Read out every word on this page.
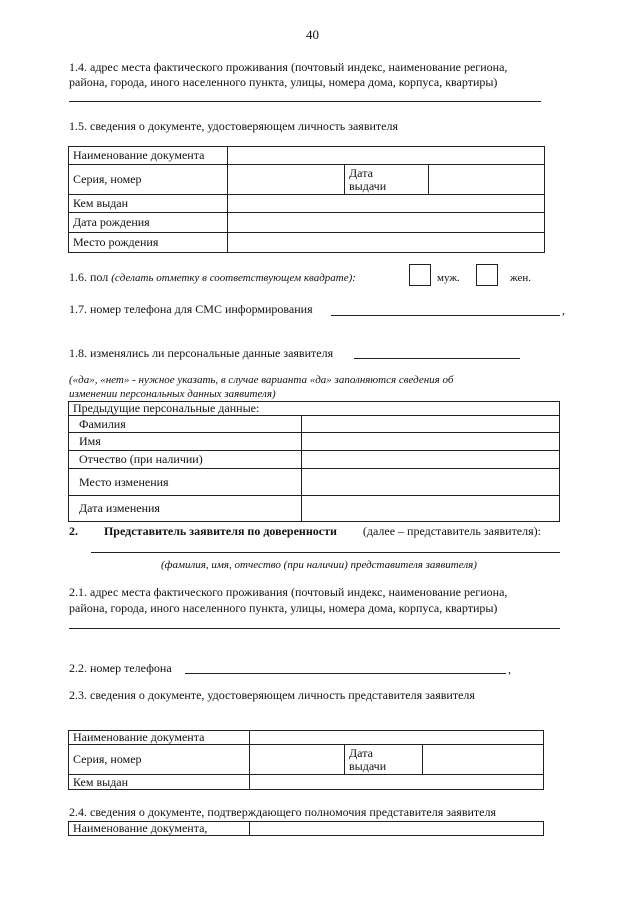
40
1.4. адрес места фактического проживания (почтовый индекс, наименование региона,
района, города, иного населенного пункта, улицы, номера дома, корпуса, квартиры)
1.5. сведения о документе, удостоверяющем личность заявителя
Наименование документа			
Серия, номер		Дата
выдачи	
Кем выдан			
Дата рождения			
Место рождения			
1.6. пол (сделать отметку в соответствующем квадрате):	муж.	жен.
1.7. номер телефона для СМС информирования	,
1.8. изменялись ли персональные данные заявителя
(«да», «нет» - нужное указать, в случае варианта «да» заполняются сведения об
изменении персональных данных заявителя)
Предыдущие персональные данные:	
Фамилия	
Имя	
Отчество (при наличии)	
Место изменения	
Дата изменения	
2. Представитель заявителя по доверенности (далее – представитель заявителя):
(фамилия, имя, отчество (при наличии) представителя заявителя)
2.1. адрес места фактического проживания (почтовый индекс, наименование региона,
района, города, иного населенного пункта, улицы, номера дома, корпуса, квартиры)
2.2. номер телефона	,
2.3. сведения о документе, удостоверяющем личность представителя заявителя
Наименование документа			
Серия, номер		Дата
выдачи	
Кем выдан			
2.4. сведения о документе, подтверждающего полномочия представителя заявителя
Наименование документа,	
